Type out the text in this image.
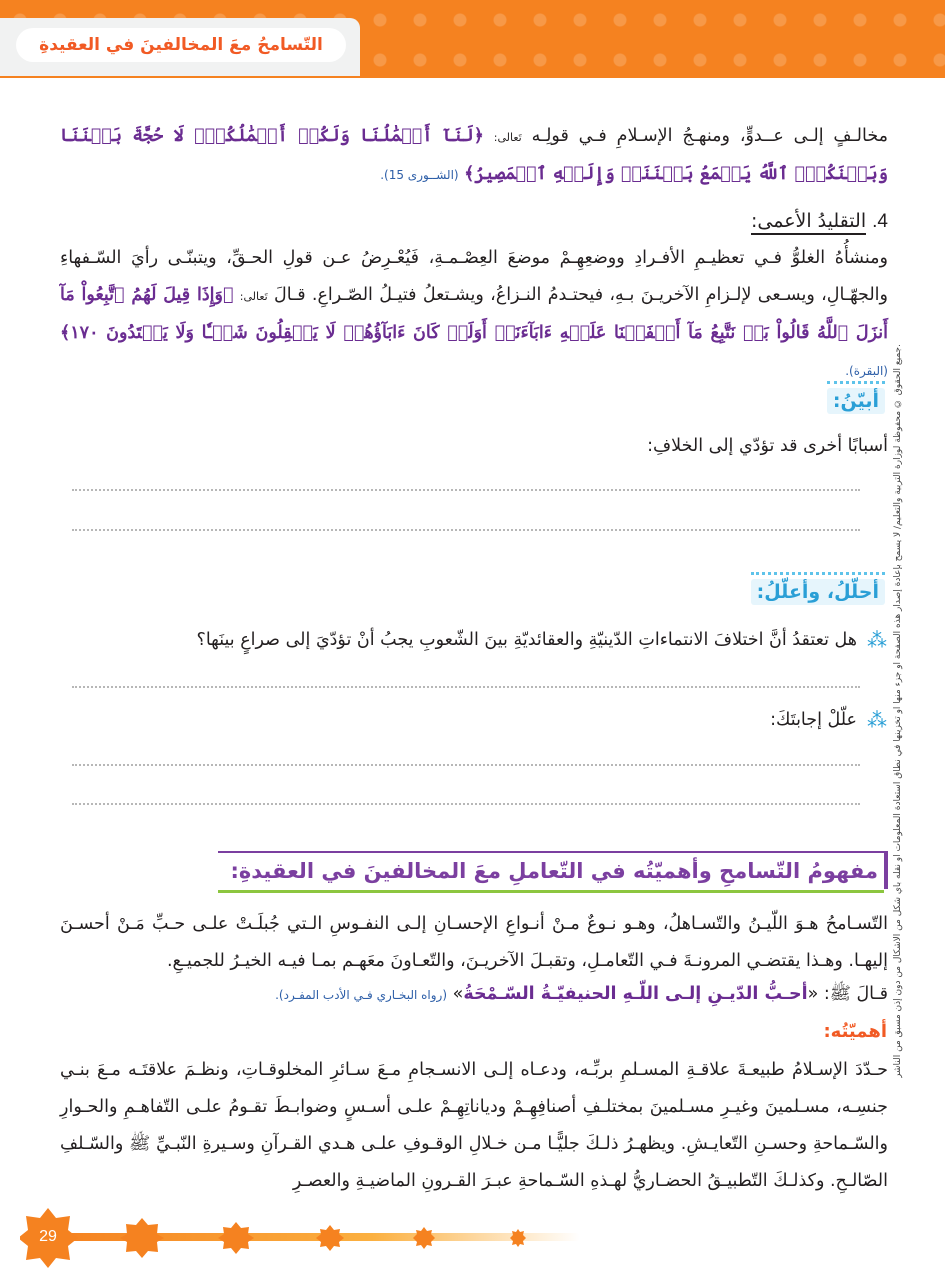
التّسامحُ معَ المخالفينَ في العقيدةِ
مخالـفٍ إلـى عــدوٍّ، ومنهـجُ الإسـلامِ فـي قولِـه تَعالى: ﴿لَنَآ أَعۡمَٰلُنَا وَلَكُمۡ أَعۡمَٰلُكُمۡۖ لَا حُجَّةَ بَيۡنَنَا وَبَيۡنَكُمُۖ ٱللَّهُ يَجۡمَعُ بَيۡنَنَاۖ وَإِلَيۡهِ ٱلۡمَصِيرُ﴾ (الشــورى 15).
4. التقليدُ الأعمى:
ومنشأُهُ الغلوُّ فـي تعظيـمِ الأفـرادِ ووضعِهِـمْ موضعَ العِصْـمـةِ، فَيُعْـرِضُ عـن قولِ الحـقِّ، ويتبنّـى رأيَ السّـفهاءِ والجهّـالِ، ويسـعى لإلـزامِ الآخريـنَ بـهِ، فيحتـدمُ النـزاعُ، ويشـتعلُ فتيـلُ الصّـراعِ. قـالَ تَعالى: ﴿وَإِذَا قِيلَ لَهُمُ ٱتَّبِعُواْ مَآ أَنزَلَ ٱللَّهُ قَالُواْ بَلۡ نَتَّبِعُ مَآ أَلۡفَيۡنَا عَلَيۡهِ ءَابَآءَنَآۚ أَوَلَوۡ كَانَ ءَابَآؤُهُمۡ لَا يَعۡقِلُونَ شَيۡـٔٗا وَلَا يَهۡتَدُونَ ١٧٠﴾ (البقرة).
أبيّنُ:
أسبابًا أخرى قد تؤدّي إلى الخلافِ:
أحلّلُ، وأعلّلُ:
⁂
هل تعتقدُ أنَّ اختلافَ الانتماءاتِ الدّينيّةِ والعقائديّةِ بينَ الشّعوبِ يجبُ أنْ تؤدّيَ إلى صراعٍ بينَها؟
⁂
علّلْ إجابتَكَ:
مفهومُ التّسامحِ وأهميّتُه في التّعاملِ معَ المخالفينَ في العقيدةِ:
التّسـامحُ هـوَ اللّيـنُ والتّسـاهلُ، وهـو نـوعٌ مـنْ أنـواعِ الإحسـانِ إلـى النفـوسِ الـتي جُبلَـتْ علـى حـبِّ مَـنْ أحسـنَ إليهـا. وهـذا يقتضـي المرونـةَ فـي التّعامـلِ، وتقبـلَ الآخريـنَ، والتّعـاونَ معَهـم بمـا فيـه الخيـرُ للجميـعِ.
قـالَ ﷺ: «أحـبُّ الدّيـنِ إلـى اللّـهِ الحنيفيّـةُ السّـمْحَةُ» (رواه البخـاري فـي الأدب المفـرد).
أهميّتُه:
حـدّدَ الإسـلامُ طبيعـةَ علاقـةِ المسـلمِ بربِّـه، ودعـاه إلـى الانسـجامِ مـعَ سـائرِ المخلوقـاتِ، ونظـمَ علاقتَـه مـعَ بنـي جنسِـه، مسـلمينَ وغيـرِ مسـلمينَ بمختلـفِ أصنافِهِـمْ ودياناتِهِـمْ علـى أسـسٍ وضوابـطَ تقـومُ علـى التّفاهـمِ والحـوارِ والسّـماحةِ وحسـنِ التّعايـشِ. ويظهـرُ ذلـكَ جليًّـا مـن خـلالِ الوقـوفِ علـى هـدي القـرآنِ وسـيرةِ النّبـيِّ ﷺ والسّـلفِ الصّالـحِ. وكذلـكَ التّطبيـقُ الحضـاريُّ لهـذهِ السّـماحةِ عبـرَ القـرونِ الماضيـةِ والعصـرِ
جميع الحقوق © محفوظة لوزارة التربية والتعليم/ لا يسمح بإعادة إصدار هذه الصفحة أو جزء منها أو تخزينها في نطاق استعادة المعلومات أو نقله بأي شكل من الأشكال من دون إذن مسبق من الناشر.
29
